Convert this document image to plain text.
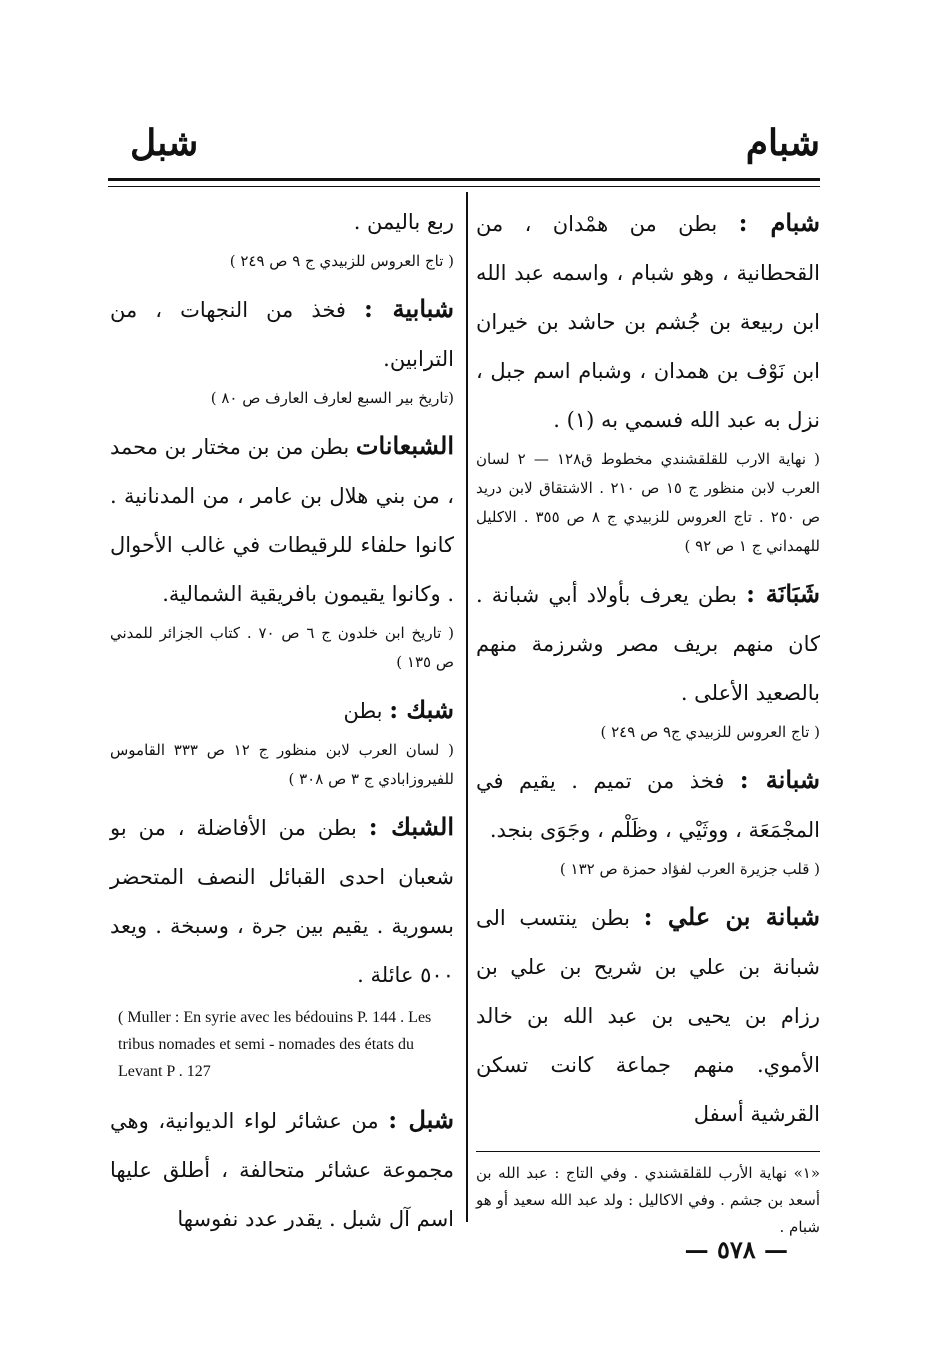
شبام
شبل

شبام : بطن من همْدان ، من القحطانية ، وهو شبام ، واسمه عبد الله ابن ربيعة بن جُشم بن حاشد بن خيران ابن نَوْف بن همدان ، وشبام اسم جبل ، نزل به عبد الله فسمي به (١) .

( نهاية الارب للقلقشندي مخطوط ق١٢٨ — ٢ لسان العرب لابن منظور ج ١٥ ص ٢١٠ . الاشتقاق لابن دريد ص ٢٥٠ . تاج العروس للزبيدي ج ٨ ص ٣٥٥ . الاكليل للهمداني ج ١ ص ٩٢ )

شَبَانَة : بطن يعرف بأولاد أبي شبانة . كان منهم بريف مصر وشرزمة منهم بالصعيد الأعلى .

( تاج العروس للزبيدي ج٩ ص ٢٤٩ )

شبانة : فخذ من تميم . يقيم في المجْمَعَة ، ووثَيْي ، وظَلْم ، وجَوَى بنجد.

( قلب جزيرة العرب لفؤاد حمزة ص ١٣٢ )

شبانة بن علي : بطن ينتسب الى شبانة بن علي بن شريح بن علي بن رزام بن يحيى بن عبد الله بن خالد الأموي. منهم جماعة كانت تسكن القرشية أسفل

«١» نهاية الأرب للقلقشندي . وفي التاج : عبد الله بن أسعد بن جشم . وفي الاكاليل : ولد عبد الله سعيد أو هو شبام .

ربع باليمن .

( تاج العروس للزبيدي ج ٩ ص ٢٤٩ )

شبابية : فخذ من النجهات ، من الترابين.

(تاريخ بير السبع لعارف العارف ص ٨٠ )

الشبعانات بطن من بن مختار بن محمد ، من بني هلال بن عامر ، من المدنانية . كانوا حلفاء للرقيطات في غالب الأحوال . وكانوا يقيمون بافريقية الشمالية.

( تاريخ ابن خلدون ج ٦ ص ٧٠ . كتاب الجزائر للمدني ص ١٣٥ )

شبك : بطن

( لسان العرب لابن منظور ج ١٢ ص ٣٣٣ القاموس للفيروزابادي ج ٣ ص ٣٠٨ )

الشبك : بطن من الأفاضلة ، من بو شعبان احدى القبائل النصف المتحضر بسورية . يقيم بين جرة ، وسبخة . ويعد ٥٠٠ عائلة .

( Muller : En syrie avec les bédouins P. 144 . Les tribus nomades et semi - nomades des états du Levant P . 127

شبل : من عشائر لواء الديوانية، وهي مجموعة عشائر متحالفة ، أطلق عليها اسم آل شبل . يقدر عدد نفوسها

— ٥٧٨ —
